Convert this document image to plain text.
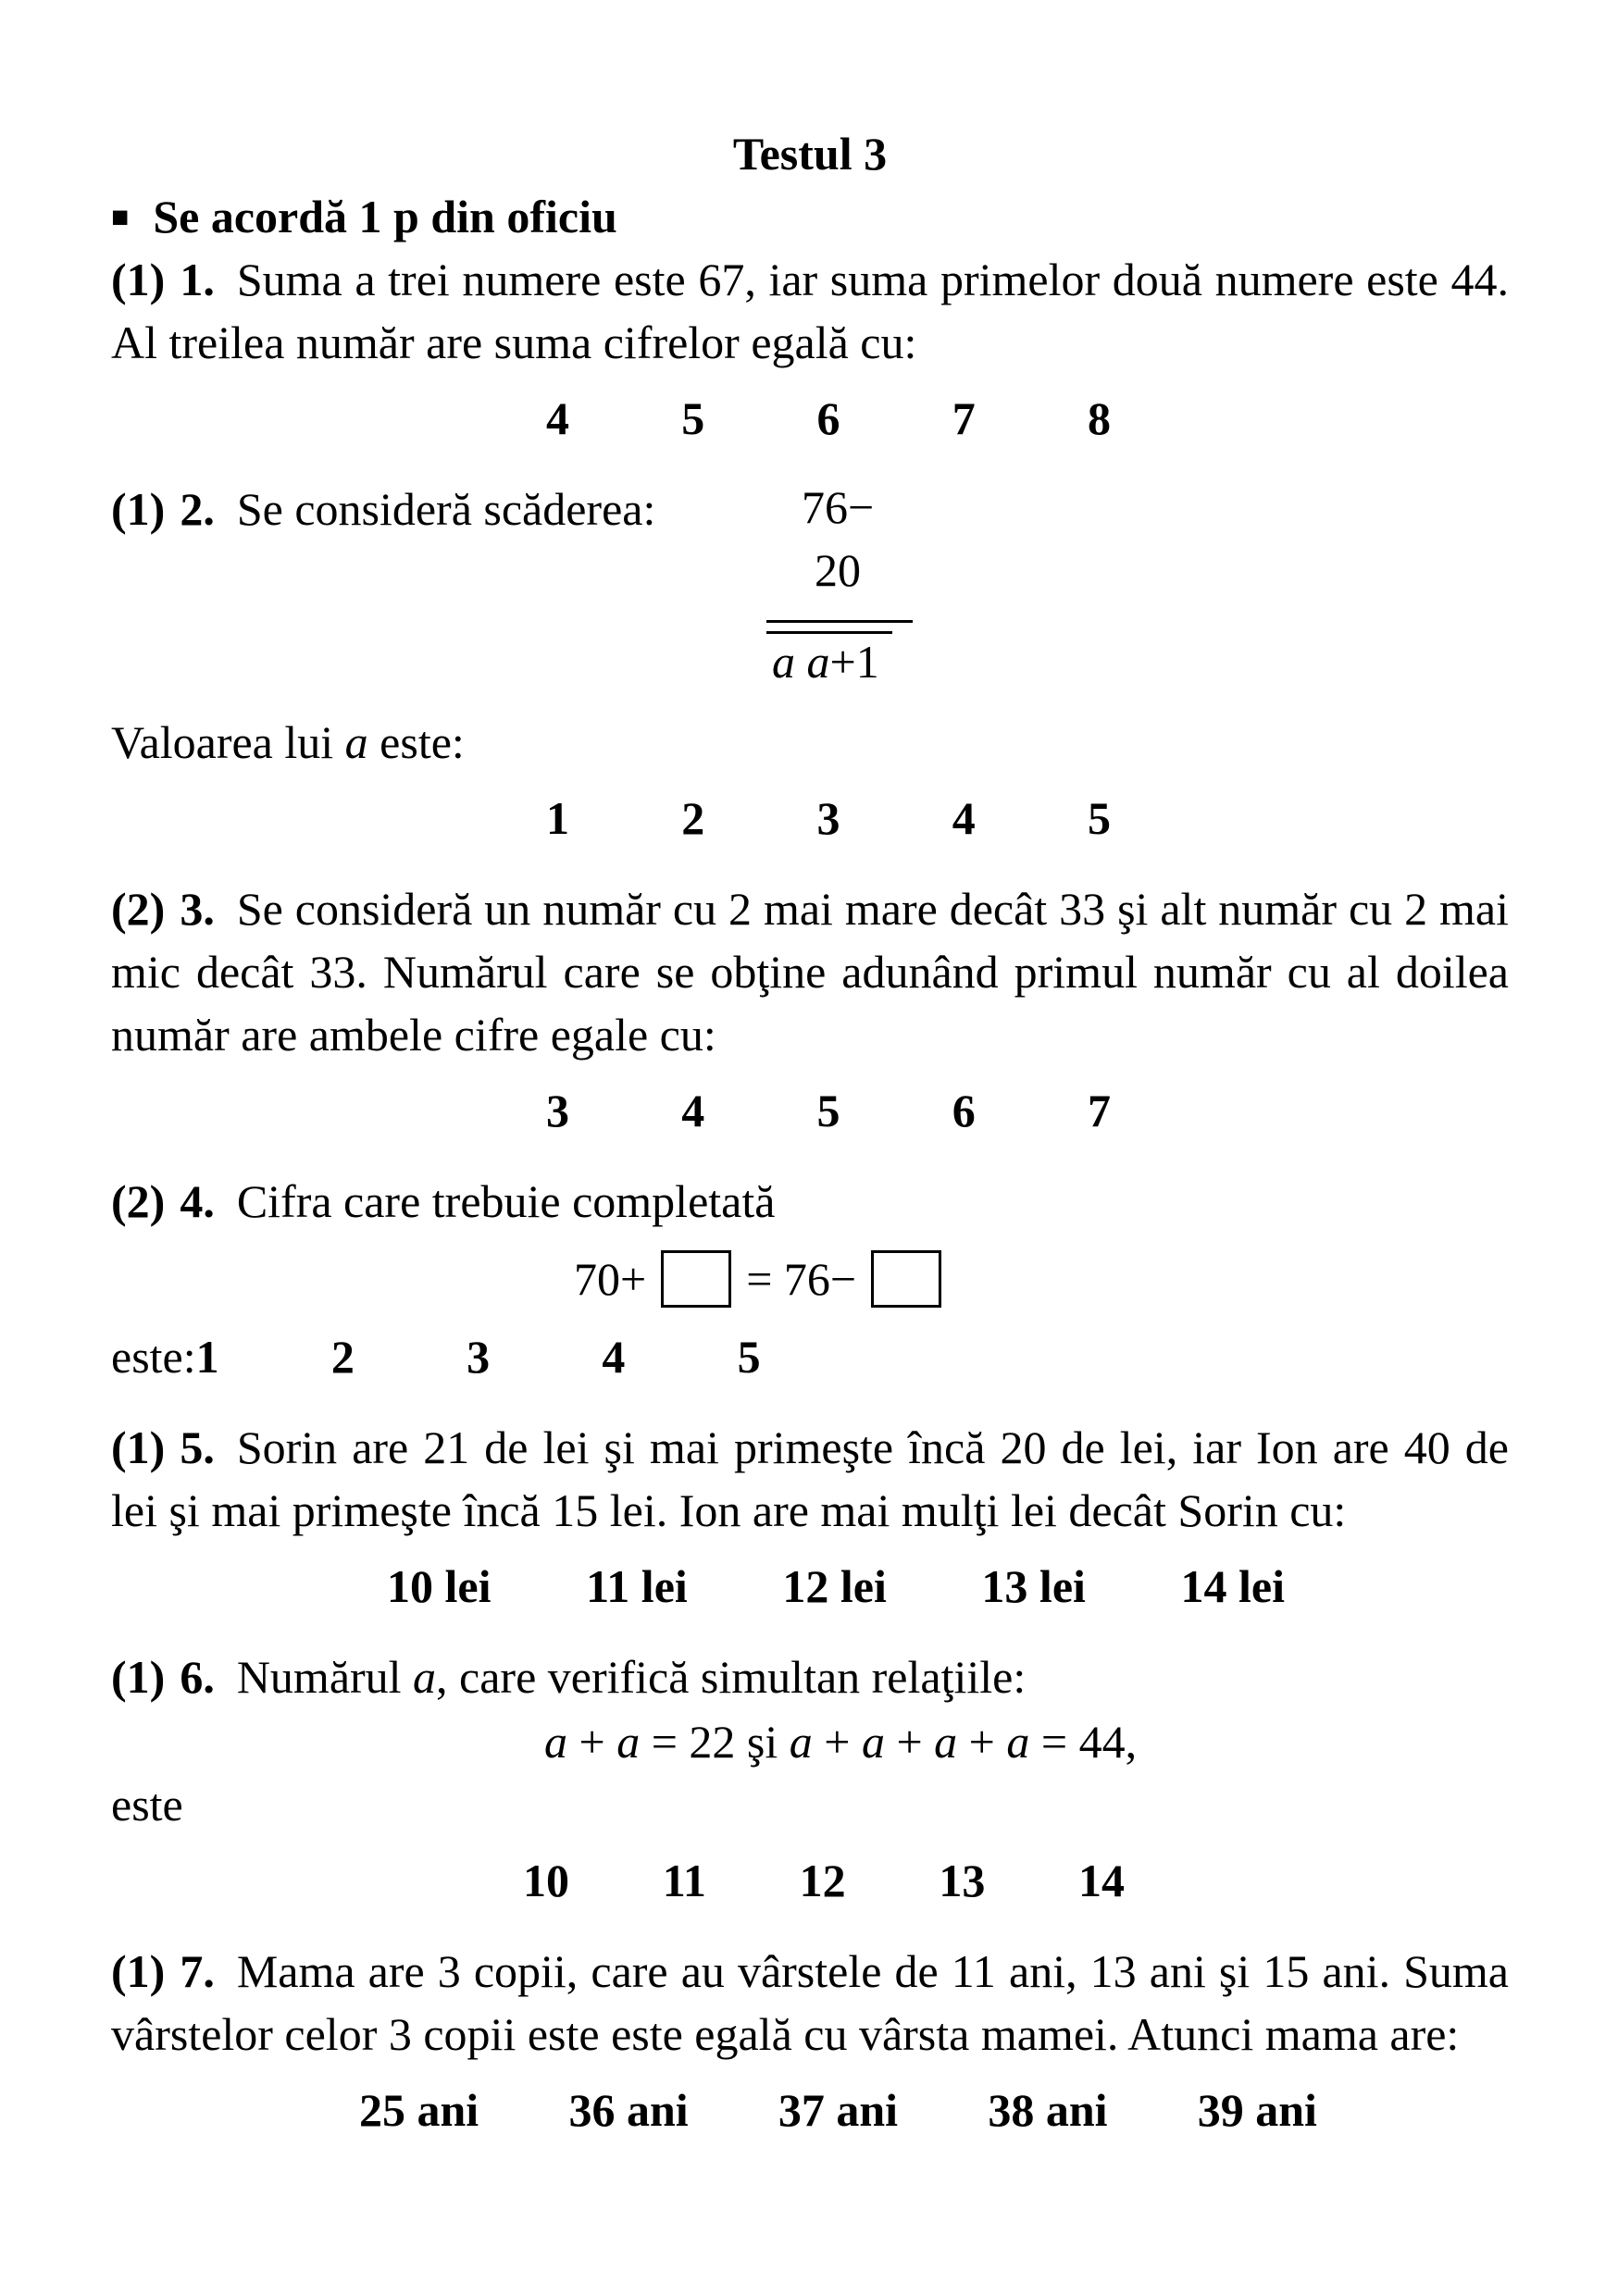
Testul 3

■ Se acordă 1 p din oficiu

(1) 1. Suma a trei numere este 67, iar suma primelor două numere este 44. Al treilea număr are suma cifrelor egală cu:

4 5 6 7 8

(1) 2. Se consideră scăderea:	76−
20
a a+1

Valoarea lui a este:

1 2 3 4 5

(2) 3. Se consideră un număr cu 2 mai mare decât 33 şi alt număr cu 2 mai mic decât 33. Numărul care se obţine adunând primul număr cu al doilea număr are ambele cifre egale cu:

3 4 5 6 7

(2) 4. Cifra care trebuie completată

70+ = 76−
este: 1 2 3 4 5

(1) 5. Sorin are 21 de lei şi mai primeşte încă 20 de lei, iar Ion are 40 de lei şi mai primeşte încă 15 lei. Ion are mai mulţi lei decât Sorin cu:

10 lei 11 lei 12 lei 13 lei 14 lei

(1) 6. Numărul a, care verifică simultan relaţiile:

a + a = 22 şi a + a + a + a = 44,

este

10 11 12 13 14

(1) 7. Mama are 3 copii, care au vârstele de 11 ani, 13 ani şi 15 ani. Suma vârstelor celor 3 copii este este egală cu vârsta mamei. Atunci mama are:

25 ani 36 ani 37 ani 38 ani 39 ani
